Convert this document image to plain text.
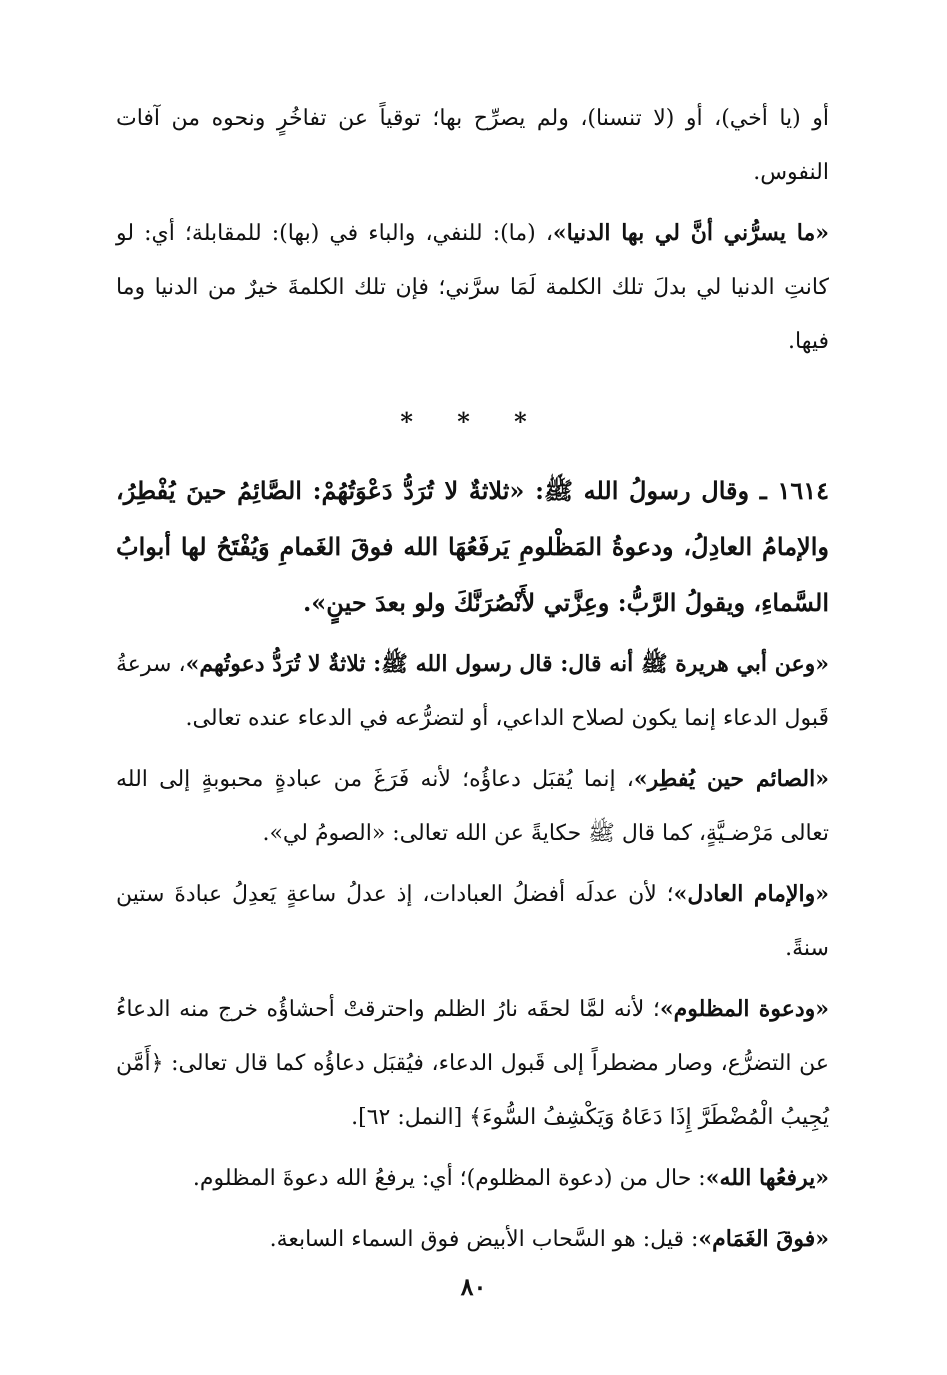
أو (يا أخي)، أو (لا تنسنا)، ولم يصرِّح بها؛ توقياً عن تفاخُرٍ ونحوه من آفات النفوس.

«ما يسرُّني أنَّ لي بها الدنيا»، (ما): للنفي، والباء في (بها): للمقابلة؛ أي: لو كانتِ الدنيا لي بدلَ تلك الكلمة لَمَا سرَّني؛ فإن تلك الكلمةَ خيرٌ من الدنيا وما فيها.

* * *

١٦١٤ ـ وقال رسولُ الله ﷺ: «ثلاثةٌ لا تُرَدُّ دَعْوَتُهُمْ: الصَّائِمُ حينَ يُفْطِرُ، والإمامُ العادِلُ، ودعوةُ المَظْلومِ يَرفَعُهَا الله فوقَ الغَمامِ وَيُفْتَحُ لها أبوابُ السَّماءِ، ويقولُ الرَّبُّ: وعِزَّتي لأَنْصُرَنَّكَ ولو بعدَ حينٍ».

«وعن أبي هريرة ﷺ أنه قال: قال رسول الله ﷺ: ثلاثةٌ لا تُرَدُّ دعوتُهم»، سرعةُ قَبول الدعاء إنما يكون لصلاح الداعي، أو لتضرُّعه في الدعاء عنده تعالى.

«الصائم حين يُفطِر»، إنما يُقبَل دعاؤُه؛ لأنه فَرَغَ من عبادةٍ محبوبةٍ إلى الله تعالى مَرْضـيَّةٍ، كما قال ﷺ حكايةً عن الله تعالى: «الصومُ لي».

«والإمام العادل»؛ لأن عدلَه أفضلُ العبادات، إذ عدلُ ساعةٍ يَعدِلُ عبادةَ ستين سنةً.

«ودعوة المظلوم»؛ لأنه لمَّا لحقَه نارُ الظلم واحترقتْ أحشاؤُه خرج منه الدعاءُ عن التضرُّع، وصار مضطراً إلى قَبول الدعاء، فيُقبَل دعاؤُه كما قال تعالى: ﴿أَمَّن يُجِيبُ الْمُضْطَرَّ إِذَا دَعَاهُ وَيَكْشِفُ السُّوءَ﴾ [النمل: ٦٢].

«يرفعُها الله»: حال من (دعوة المظلوم)؛ أي: يرفعُ الله دعوةَ المظلوم.

«فوقَ الغَمَام»: قيل: هو السَّحاب الأبيض فوق السماء السابعة.

٨٠
